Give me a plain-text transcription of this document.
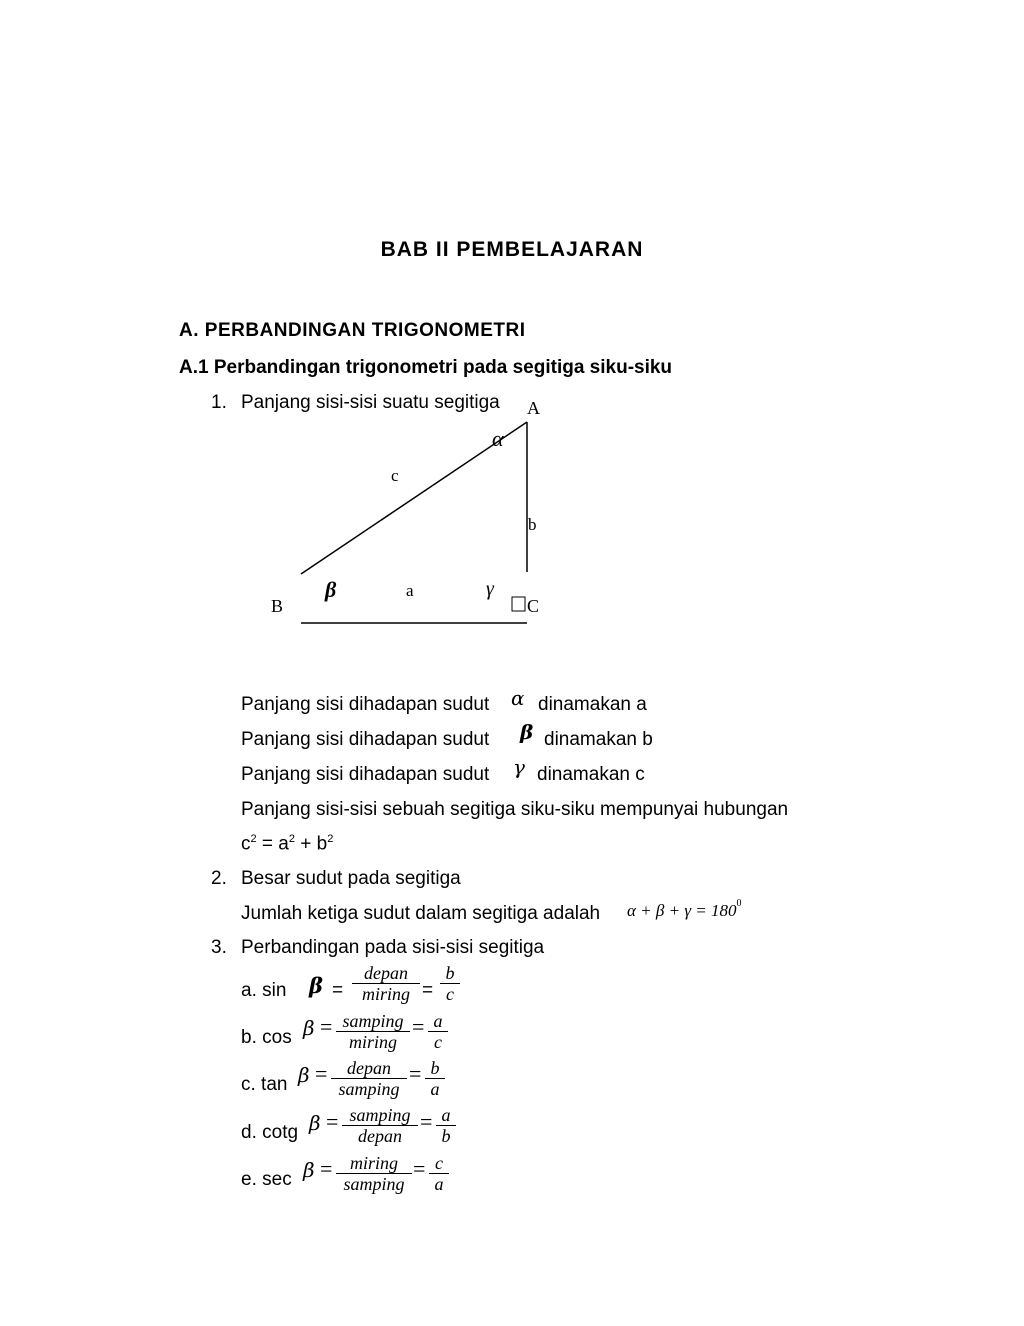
BAB II PEMBELAJARAN
A. PERBANDINGAN TRIGONOMETRI
A.1 Perbandingan trigonometri pada segitiga siku-siku
1. Panjang sisi-sisi suatu segitiga A
B	C
c
b
a
α
β	γ
Panjang sisi dihadapan sudut α dinamakan a
Panjang sisi dihadapan sudut β dinamakan b
Panjang sisi dihadapan sudut γ dinamakan c
Panjang sisi-sisi sebuah segitiga siku-siku mempunyai hubungan
$c^2 = a^2 + b^2$
2. Besar sudut pada segitiga
Jumlah ketiga sudut dalam segitiga adalah $\alpha + \beta + \gamma = 180^0$
3. Perbandingan pada sisi-sisi segitiga
a. sin β =
depan
miring = $\frac{b}{c}$
b. cos β = samping
miring
= $\frac{a}{c}$
c. tan β =	depan
samping
= $\frac{b}{a}$
d. cotg β = samping
depan
= $\frac{a}{b}$
e. sec β = miring
samping
= $\frac{c}{a}$
